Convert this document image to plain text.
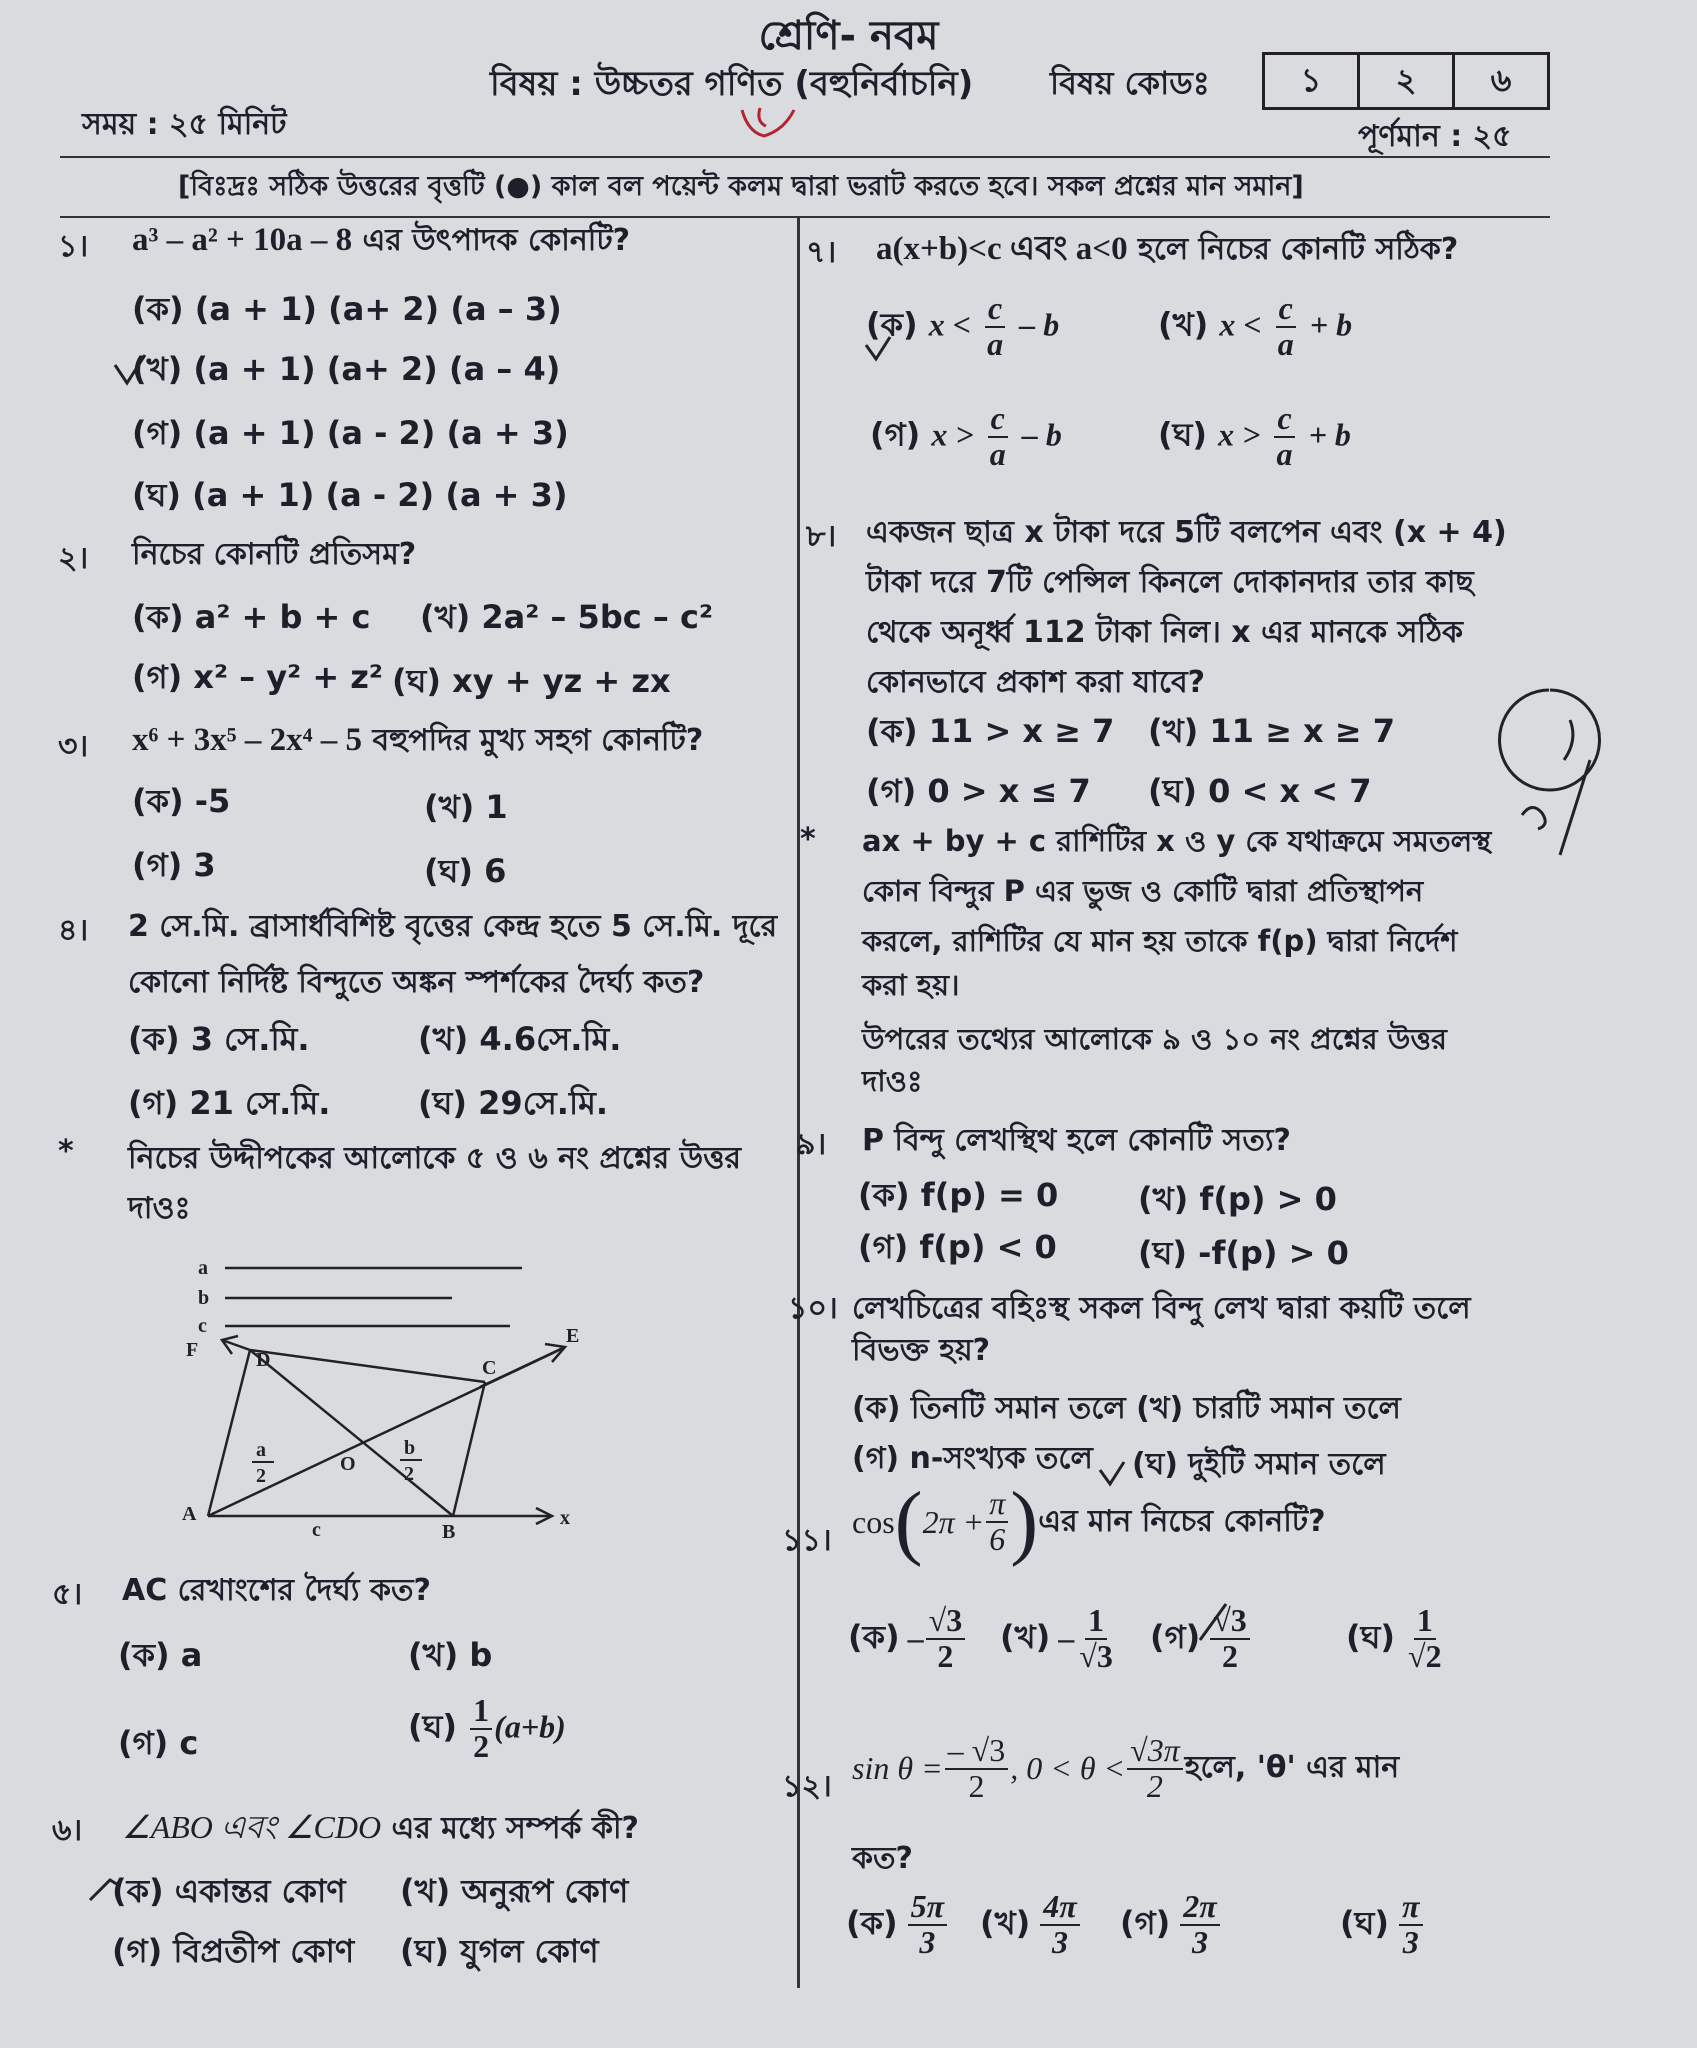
শ্রেণি- নবম
বিষয় : উচ্চতর গণিত (বহুনির্বাচনি) বিষয় কোডঃ	১	২	৬
সময় : ২৫ মিনিট	পূর্ণমান : ২৫
[বিঃদ্রঃ সঠিক উত্তরের বৃত্তটি (●) কাল বল পয়েন্ট কলম দ্বারা ভরাট করতে হবে। সকল প্রশ্নের মান সমান]
১। a³ – a² + 10a – 8 এর উৎপাদক কোনটি?
(ক) (a + 1) (a+ 2) (a – 3)
(খ) (a + 1) (a+ 2) (a – 4)
(গ) (a + 1) (a - 2) (a + 3)
(ঘ) (a + 1) (a - 2) (a + 3)
২। নিচের কোনটি প্রতিসম?
(ক) a² + b + c (খ) 2a² – 5bc – c²
(গ) x² – y² + z² (ঘ) xy + yz + zx
৩। x⁶ + 3x⁵ – 2x⁴ – 5 বহুপদির মুখ্য সহগ কোনটি?
(ক) -5	(খ) 1
(গ) 3	(ঘ) 6
৪। 2 সে.মি. ব্রাসার্ধবিশিষ্ট বৃত্তের কেন্দ্র হতে 5 সে.মি. দূরে
কোনো নির্দিষ্ট বিন্দুতে অঙ্কন স্পর্শকের দৈর্ঘ্য কত?
(ক) 3 সে.মি.	(খ) 4.6সে.মি.
(গ) 21 সে.মি.	(ঘ) 29সে.মি.
* নিচের উদ্দীপকের আলোকে ৫ ও ৬ নং প্রশ্নের উত্তর
দাওঃ
a
b
c
F	D	C
E
A
B
O
x
c
a
2
b
2
৫। AC রেখাংশের দৈর্ঘ্য কত?
(ক) a	(খ) b
(গ) c	(ঘ) $\frac{1}{2} (a+b)$
৬। ∠ABO এবং ∠CDO এর মধ্যে সম্পর্ক কী?
(ক) একান্তর কোণ (খ) অনুরূপ কোণ
(গ) বিপ্রতীপ কোণ (ঘ) যুগল কোণ
৭। a(x+b)<c এবং a<0 হলে নিচের কোনটি সঠিক?
(ক) $x < \frac{c}{a} - b$	(খ) $x < \frac{c}{a} + b$
(গ) $x > \frac{c}{a} - b$	(ঘ) $x > \frac{c}{a} + b$
৮। একজন ছাত্র x টাকা দরে 5টি বলপেন এবং (x + 4)
টাকা দরে 7টি পেন্সিল কিনলে দোকানদার তার কাছ
থেকে অনূর্ধ্ব 112 টাকা নিল। x এর মানকে সঠিক
কোনভাবে প্রকাশ করা যাবে?
(ক) 11 > x ≥ 7 (খ) 11 ≥ x ≥ 7
(গ) 0 > x ≤ 7 (ঘ) 0 < x < 7
* ax + by + c রাশিটির x ও y কে যথাক্রমে সমতলস্থ
কোন বিন্দুর P এর ভুজ ও কোটি দ্বারা প্রতিস্থাপন
করলে, রাশিটির যে মান হয় তাকে f(p) দ্বারা নির্দেশ
করা হয়।
উপরের তথ্যের আলোকে ৯ ও ১০ নং প্রশ্নের উত্তর
দাওঃ
৯। P বিন্দু লেখস্থিথ হলে কোনটি সত্য?
(ক) f(p) = 0 (খ) f(p) > 0
(গ) f(p) < 0	(ঘ) -f(p) > 0
১০। লেখচিত্রের বহিঃস্থ সকল বিন্দু লেখ দ্বারা কয়টি তলে
বিভক্ত হয়?
(ক) তিনটি সমান তলে (খ) চারটি সমান তলে
(গ) n-সংখ্যক তলে (ঘ) দুইটি সমান তলে
১১।
cos ( $2\pi + \frac{\pi}{6}$ ) এর মান নিচের কোনটি?
(ক) – $\frac{√3}{2}$ (খ) – $\frac{1}{√3}$ (গ) $\frac{√3}{2}$	(ঘ) $\frac{1}{√2}$
১২।
$\sin \theta = \frac{- √3}{2}$ , $0 < \theta < \frac{√3\pi}{2}$ হলে, 'θ' এর মান
কত?
(ক) $\frac{5\pi}{3}$ (খ) $\frac{4\pi}{3}$ (গ) $\frac{2\pi}{3}$	(ঘ) $\frac{\pi}{3}$
